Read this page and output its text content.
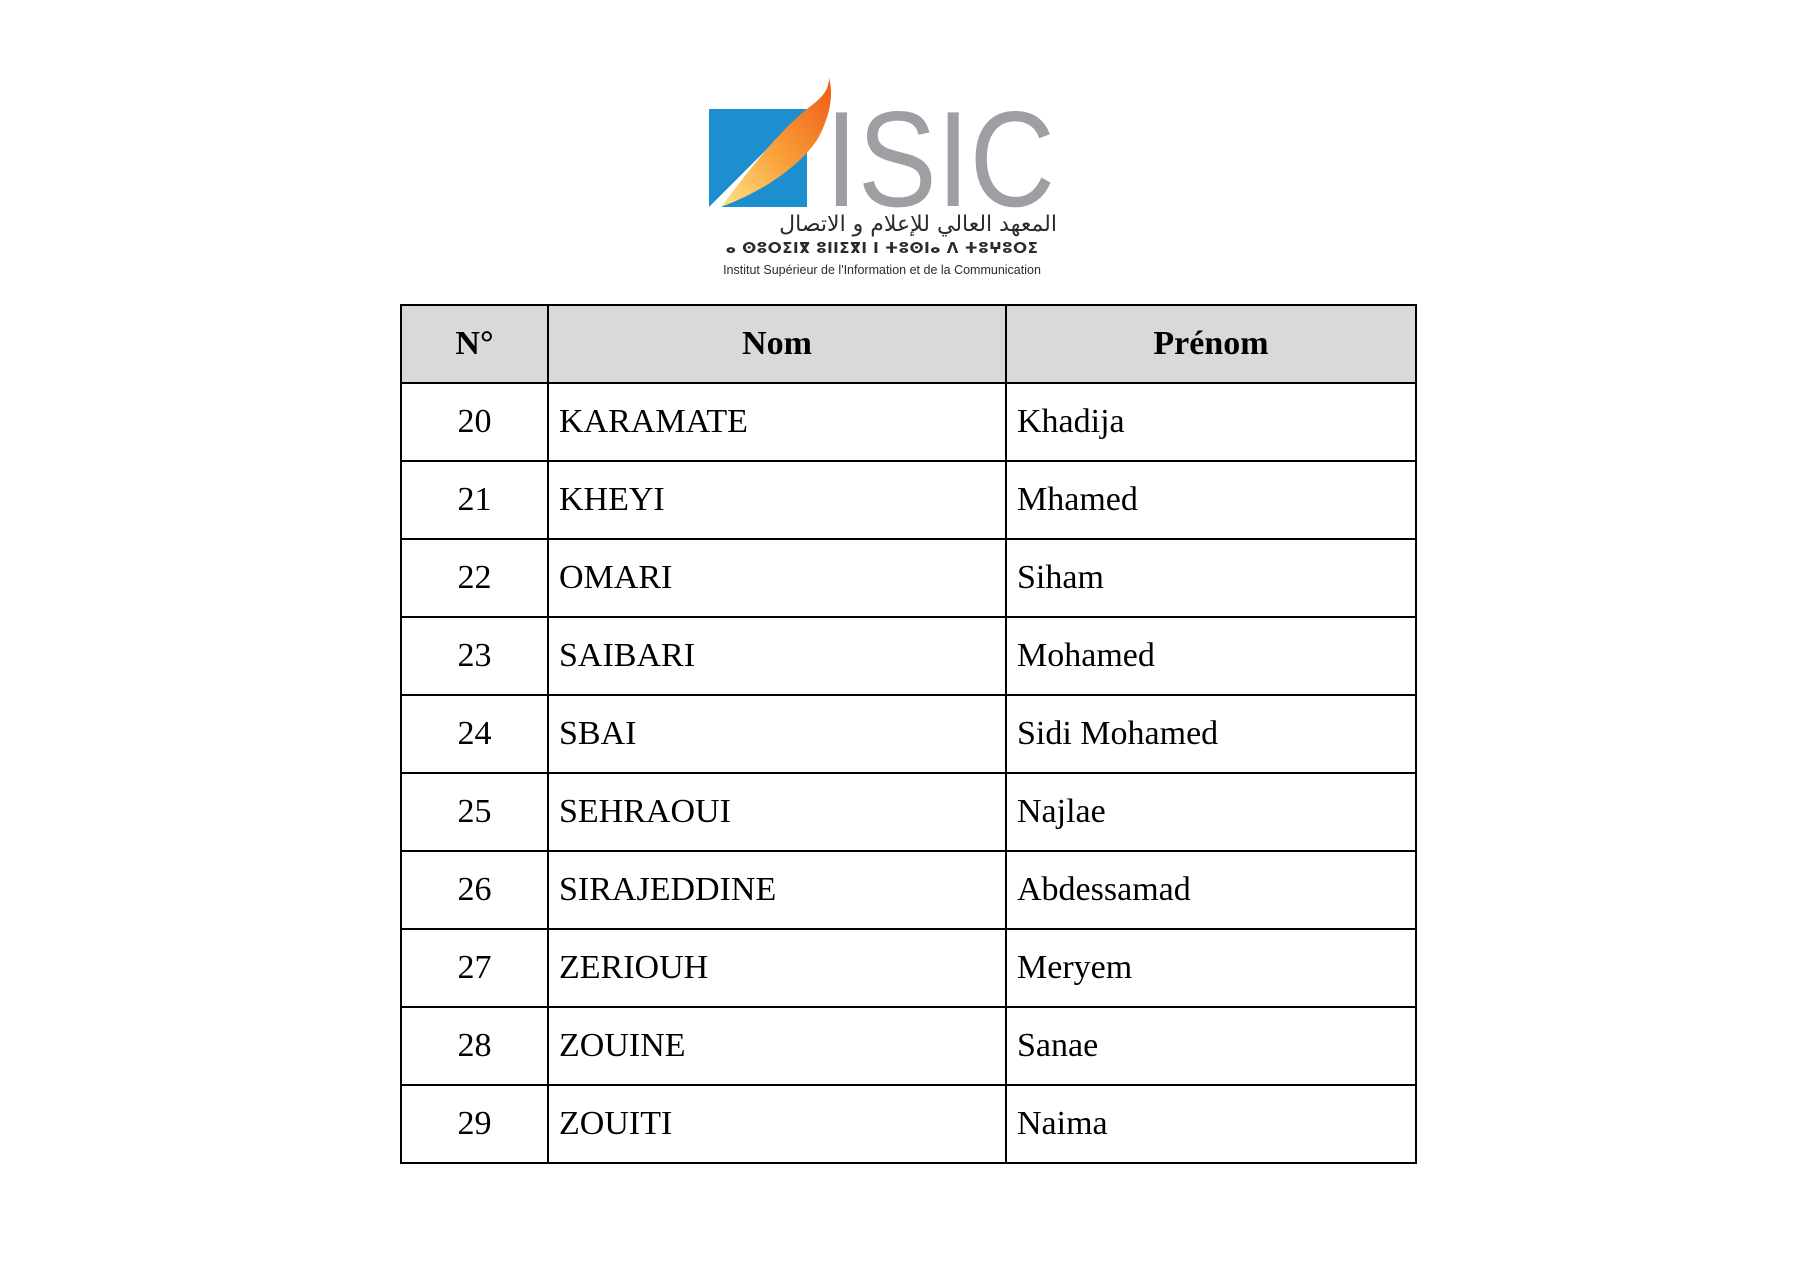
ISIC
المعهد العالي للإعلام و الاتصال
ⴰ ⵙⵓⵔⵉⵏⴳ ⵓⵏⵏⵉⴳⵏ ⵏ ⵜⵓⵙⵏⴰ ⴷ ⵜⵓⵖⵓⵔⵉ
Institut Supérieur de l'Information et de la Communication
N°	Nom	Prénom
20	KARAMATE	Khadija
21	KHEYI	Mhamed
22	OMARI	Siham
23	SAIBARI	Mohamed
24	SBAI	Sidi Mohamed
25	SEHRAOUI	Najlae
26	SIRAJEDDINE	Abdessamad
27	ZERIOUH	Meryem
28	ZOUINE	Sanae
29	ZOUITI	Naima
